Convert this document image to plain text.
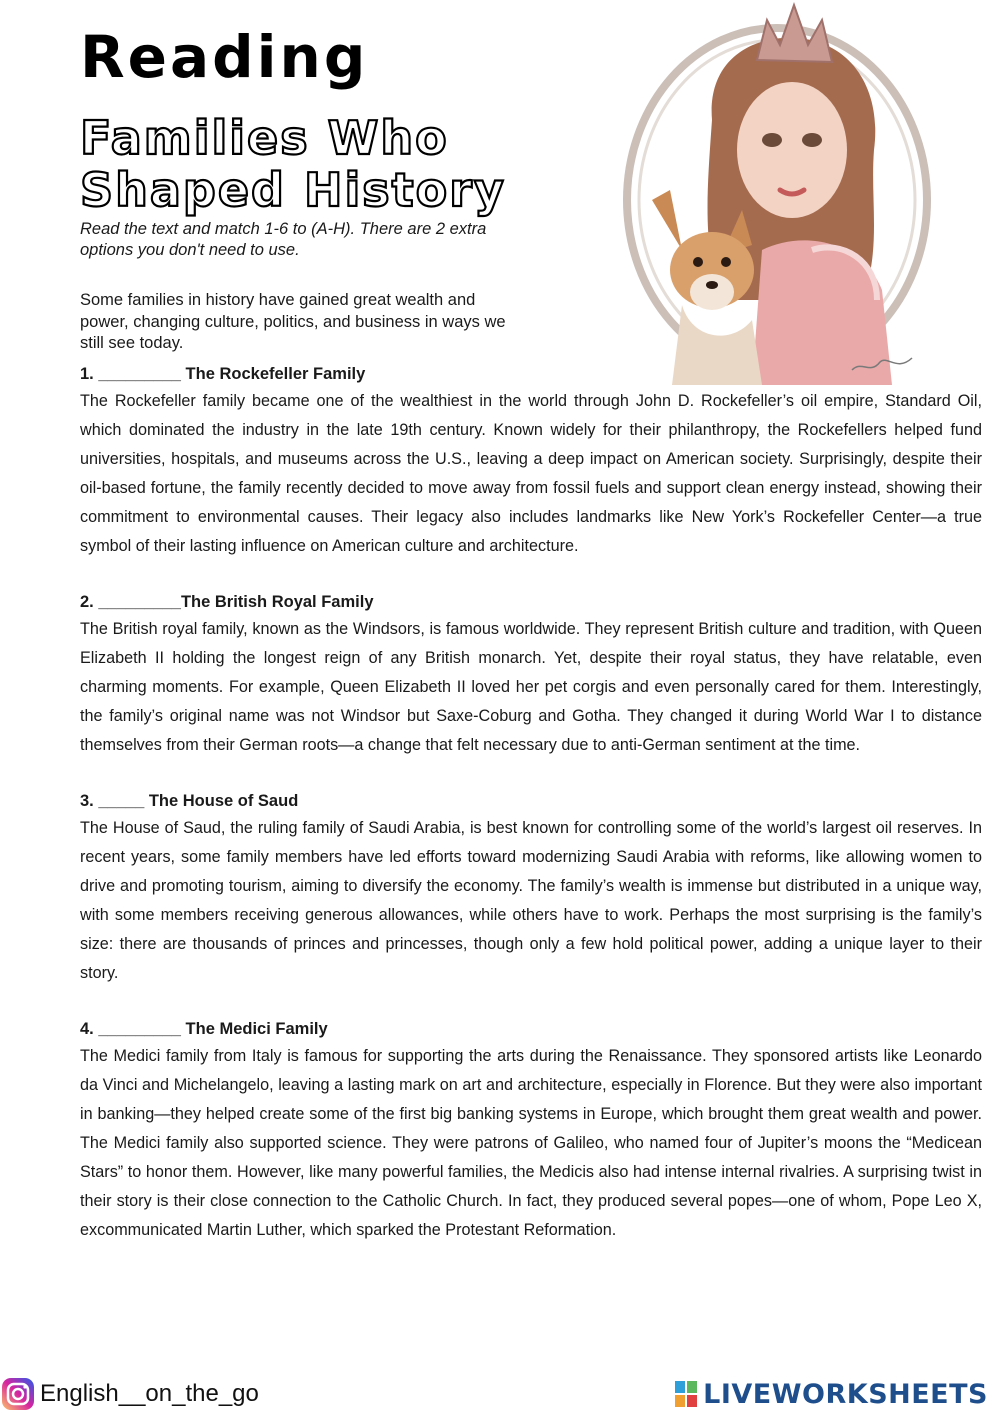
Reading
Families Who
Shaped History

Read the text and match 1-6 to (A-H). There are 2 extra options you don't need to use.

Some families in history have gained great wealth and power, changing culture, politics, and business in ways we still see today.

1. _________ The Rockefeller Family

The Rockefeller family became one of the wealthiest in the world through John D. Rockefeller’s oil empire, Standard Oil, which dominated the industry in the late 19th century. Known widely for their philanthropy, the Rockefellers helped fund universities, hospitals, and museums across the U.S., leaving a deep impact on American society. Surprisingly, despite their oil-based fortune, the family recently decided to move away from fossil fuels and support clean energy instead, showing their commitment to environmental causes. Their legacy also includes landmarks like New York’s Rockefeller Center—a true symbol of their lasting influence on American culture and architecture.

2. _________The British Royal Family

The British royal family, known as the Windsors, is famous worldwide. They represent British culture and tradition, with Queen Elizabeth II holding the longest reign of any British monarch. Yet, despite their royal status, they have relatable, even charming moments. For example, Queen Elizabeth II loved her pet corgis and even personally cared for them. Interestingly, the family’s original name was not Windsor but Saxe-Coburg and Gotha. They changed it during World War I to distance themselves from their German roots—a change that felt necessary due to anti-German sentiment at the time.

3. _____ The House of Saud

The House of Saud, the ruling family of Saudi Arabia, is best known for controlling some of the world’s largest oil reserves. In recent years, some family members have led efforts toward modernizing Saudi Arabia with reforms, like allowing women to drive and promoting tourism, aiming to diversify the economy. The family’s wealth is immense but distributed in a unique way, with some members receiving generous allowances, while others have to work. Perhaps the most surprising is the family’s size: there are thousands of princes and princesses, though only a few hold political power, adding a unique layer to their story.

4. _________ The Medici Family

The Medici family from Italy is famous for supporting the arts during the Renaissance. They sponsored artists like Leonardo da Vinci and Michelangelo, leaving a lasting mark on art and architecture, especially in Florence. But they were also important in banking—they helped create some of the first big banking systems in Europe, which brought them great wealth and power. The Medici family also supported science. They were patrons of Galileo, who named four of Jupiter’s moons the “Medicean Stars” to honor them. However, like many powerful families, the Medicis also had intense internal rivalries. A surprising twist in their story is their close connection to the Catholic Church. In fact, they produced several popes—one of whom, Pope Leo X, excommunicated Martin Luther, which sparked the Protestant Reformation.

English__on_the_go	LIVEWORKSHEETS
